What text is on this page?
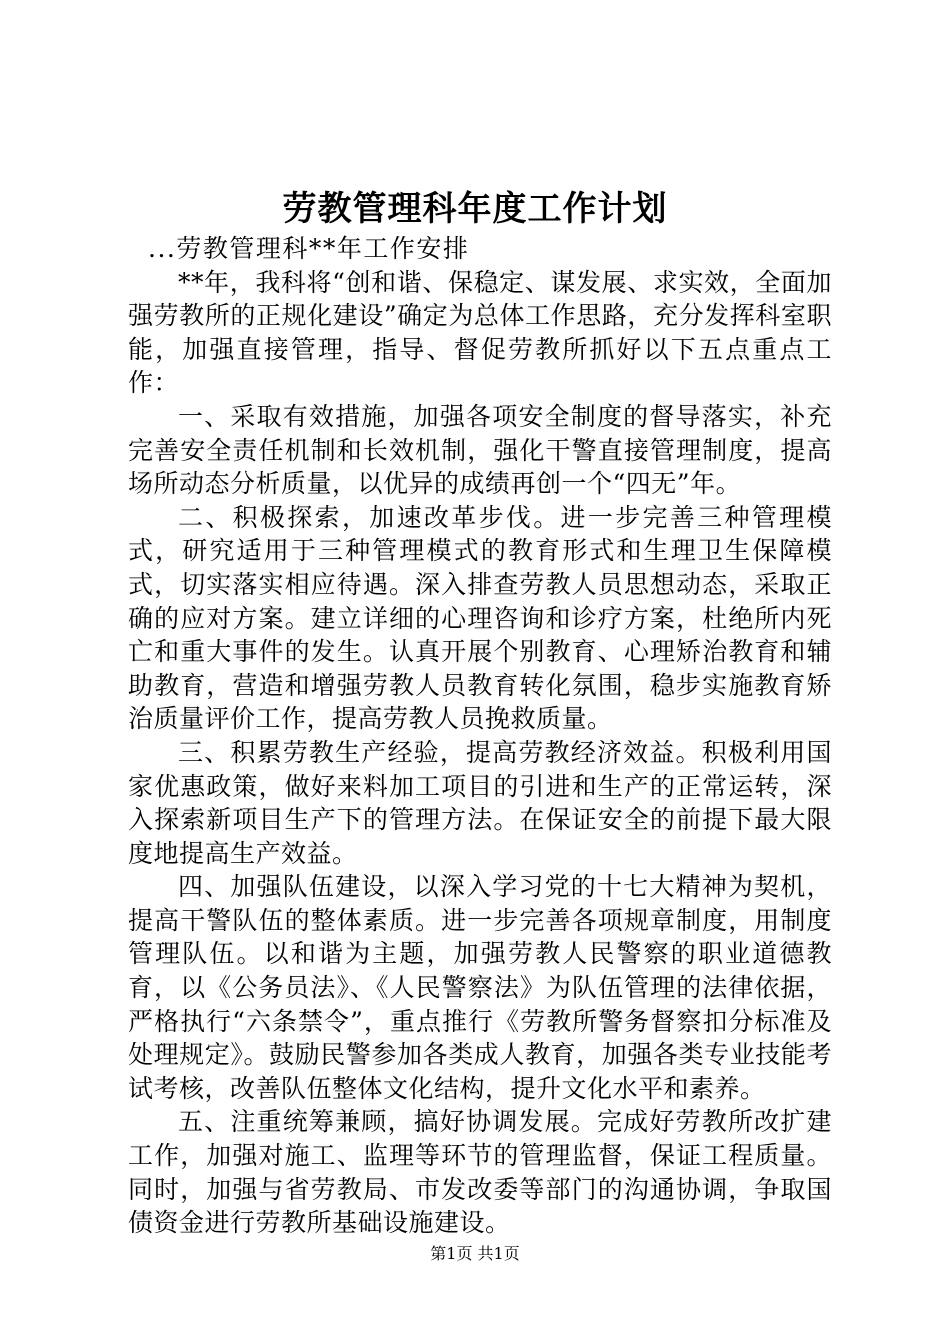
劳教管理科年度工作计划

...劳教管理科**年工作安排

**年，我科将“创和谐、保稳定、谋发展、求实效，全面加强劳教所的正规化建设”确定为总体工作思路，充分发挥科室职能，加强直接管理，指导、督促劳教所抓好以下五点重点工作：

一、采取有效措施，加强各项安全制度的督导落实，补充完善安全责任机制和长效机制，强化干警直接管理制度，提高场所动态分析质量，以优异的成绩再创一个“四无”年。

二、积极探索，加速改革步伐。进一步完善三种管理模式，研究适用于三种管理模式的教育形式和生理卫生保障模式，切实落实相应待遇。深入排查劳教人员思想动态，采取正确的应对方案。建立详细的心理咨询和诊疗方案，杜绝所内死亡和重大事件的发生。认真开展个别教育、心理矫治教育和辅助教育，营造和增强劳教人员教育转化氛围，稳步实施教育矫治质量评价工作，提高劳教人员挽救质量。

三、积累劳教生产经验，提高劳教经济效益。积极利用国家优惠政策，做好来料加工项目的引进和生产的正常运转，深入探索新项目生产下的管理方法。在保证安全的前提下最大限度地提高生产效益。

四、加强队伍建设，以深入学习党的十七大精神为契机，提高干警队伍的整体素质。进一步完善各项规章制度，用制度管理队伍。以和谐为主题，加强劳教人民警察的职业道德教育，以《公务员法》、《人民警察法》为队伍管理的法律依据，严格执行“六条禁令”，重点推行《劳教所警务督察扣分标准及处理规定》。鼓励民警参加各类成人教育，加强各类专业技能考试考核，改善队伍整体文化结构，提升文化水平和素养。

五、注重统筹兼顾，搞好协调发展。完成好劳教所改扩建工作，加强对施工、监理等环节的管理监督，保证工程质量。同时，加强与省劳教局、市发改委等部门的沟通协调，争取国债资金进行劳教所基础设施建设。

第1页 共1页
